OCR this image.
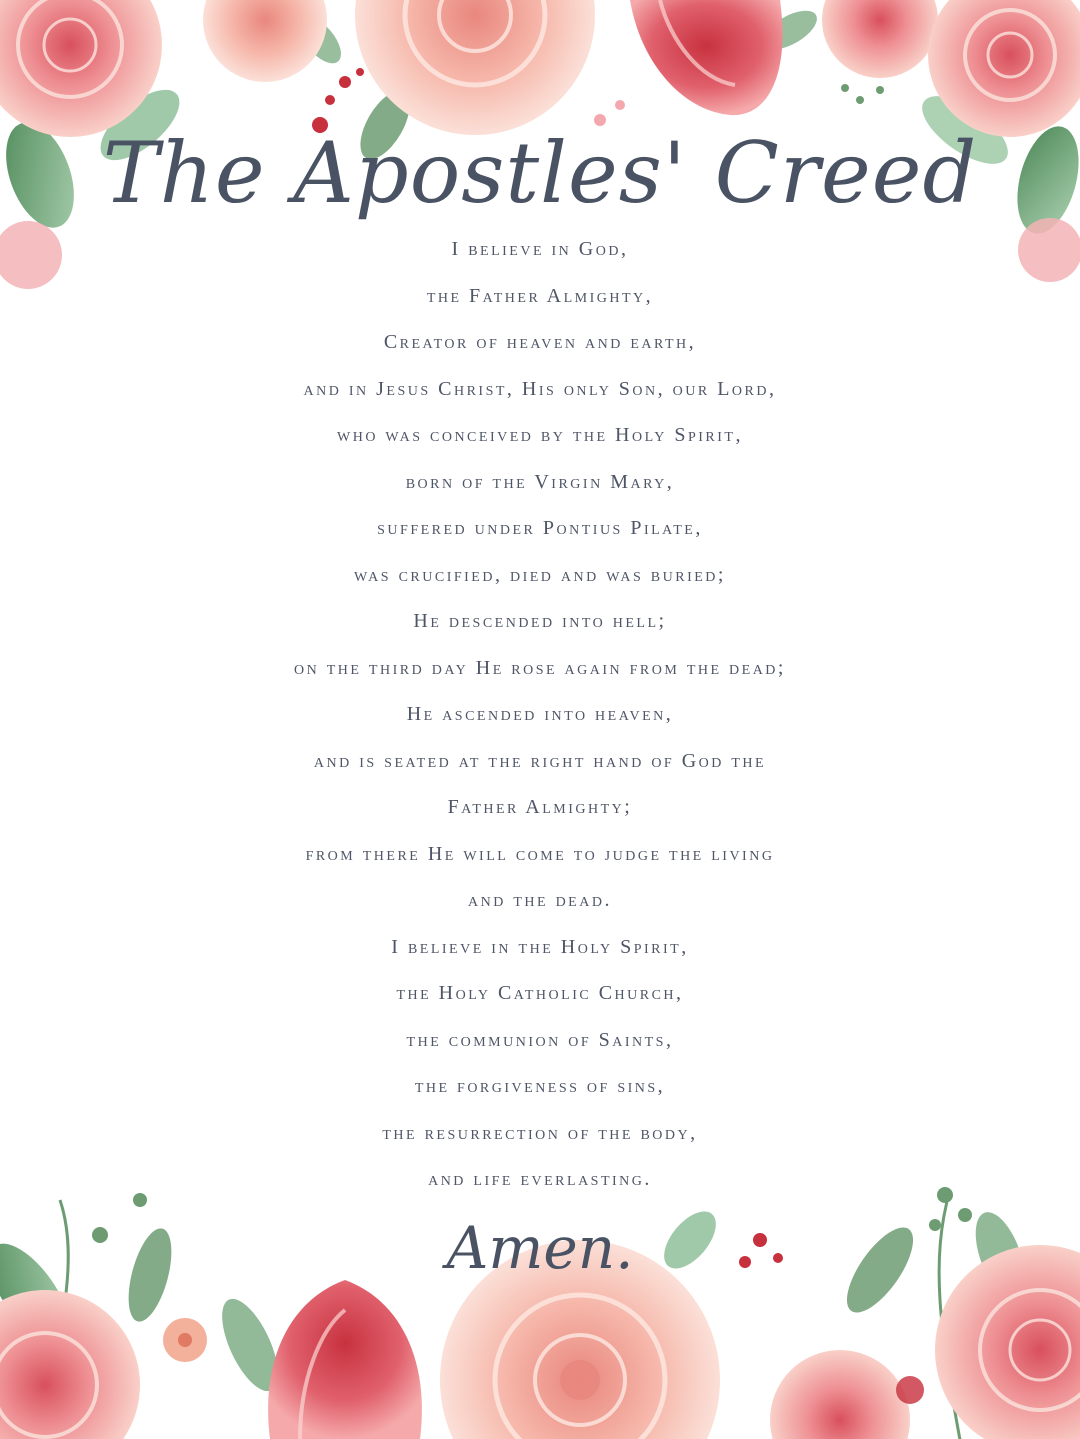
The Apostles' Creed
I believe in God,
the Father Almighty,
Creator of heaven and earth,
and in Jesus Christ, His only Son, our Lord,
who was conceived by the Holy Spirit,
born of the Virgin Mary,
suffered under Pontius Pilate,
was crucified, died and was buried;
He descended into hell;
on the third day He rose again from the dead;
He ascended into heaven,
and is seated at the right hand of God the
Father Almighty;
from there He will come to judge the living
and the dead.
I believe in the Holy Spirit,
the Holy Catholic Church,
the communion of Saints,
the forgiveness of sins,
the resurrection of the body,
and life everlasting.
Amen.
